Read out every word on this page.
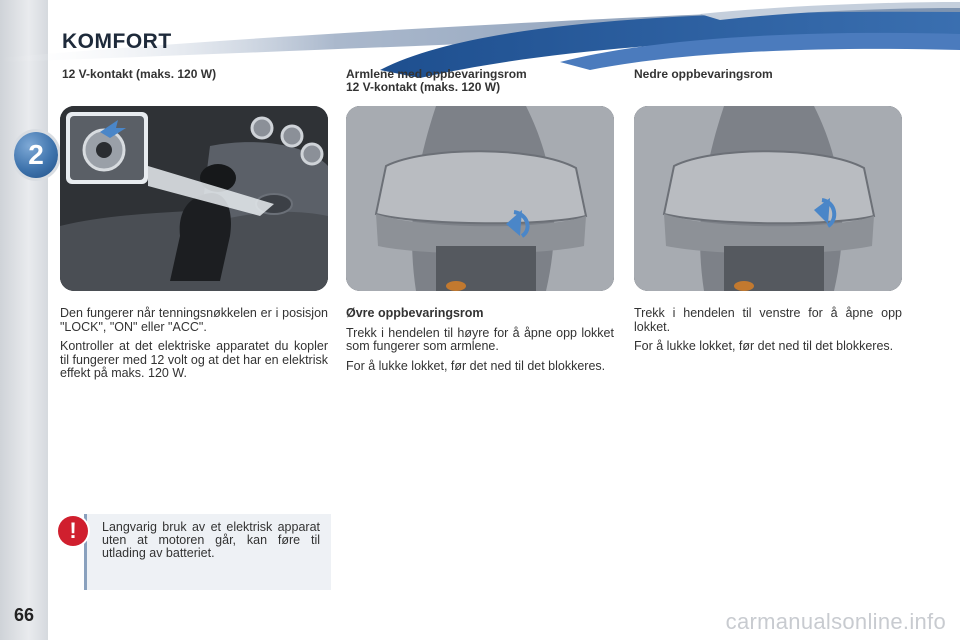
2
66
KOMFORT
12 V-kontakt (maks. 120 W)	Armlene med oppbevaringsrom
12 V-kontakt (maks. 120 W)
Nedre oppbevaringsrom

Den fungerer når tenningsnøkkelen er i posisjon "LOCK", "ON" eller "ACC".

Kontroller at det elektriske apparatet du kopler til fungerer med 12 volt og at det har en elektrisk effekt på maks. 120 W.

Øvre oppbevaringsrom

Trekk i hendelen til høyre for å åpne opp lokket som fungerer som armlene.

For å lukke lokket, før det ned til det blokkeres.

Trekk i hendelen til venstre for å åpne opp lokket.

For å lukke lokket, før det ned til det blokkeres.

!	Langvarig bruk av et elektrisk apparat uten at motoren går, kan føre til utlading av batteriet.
carmanualsonline.info
